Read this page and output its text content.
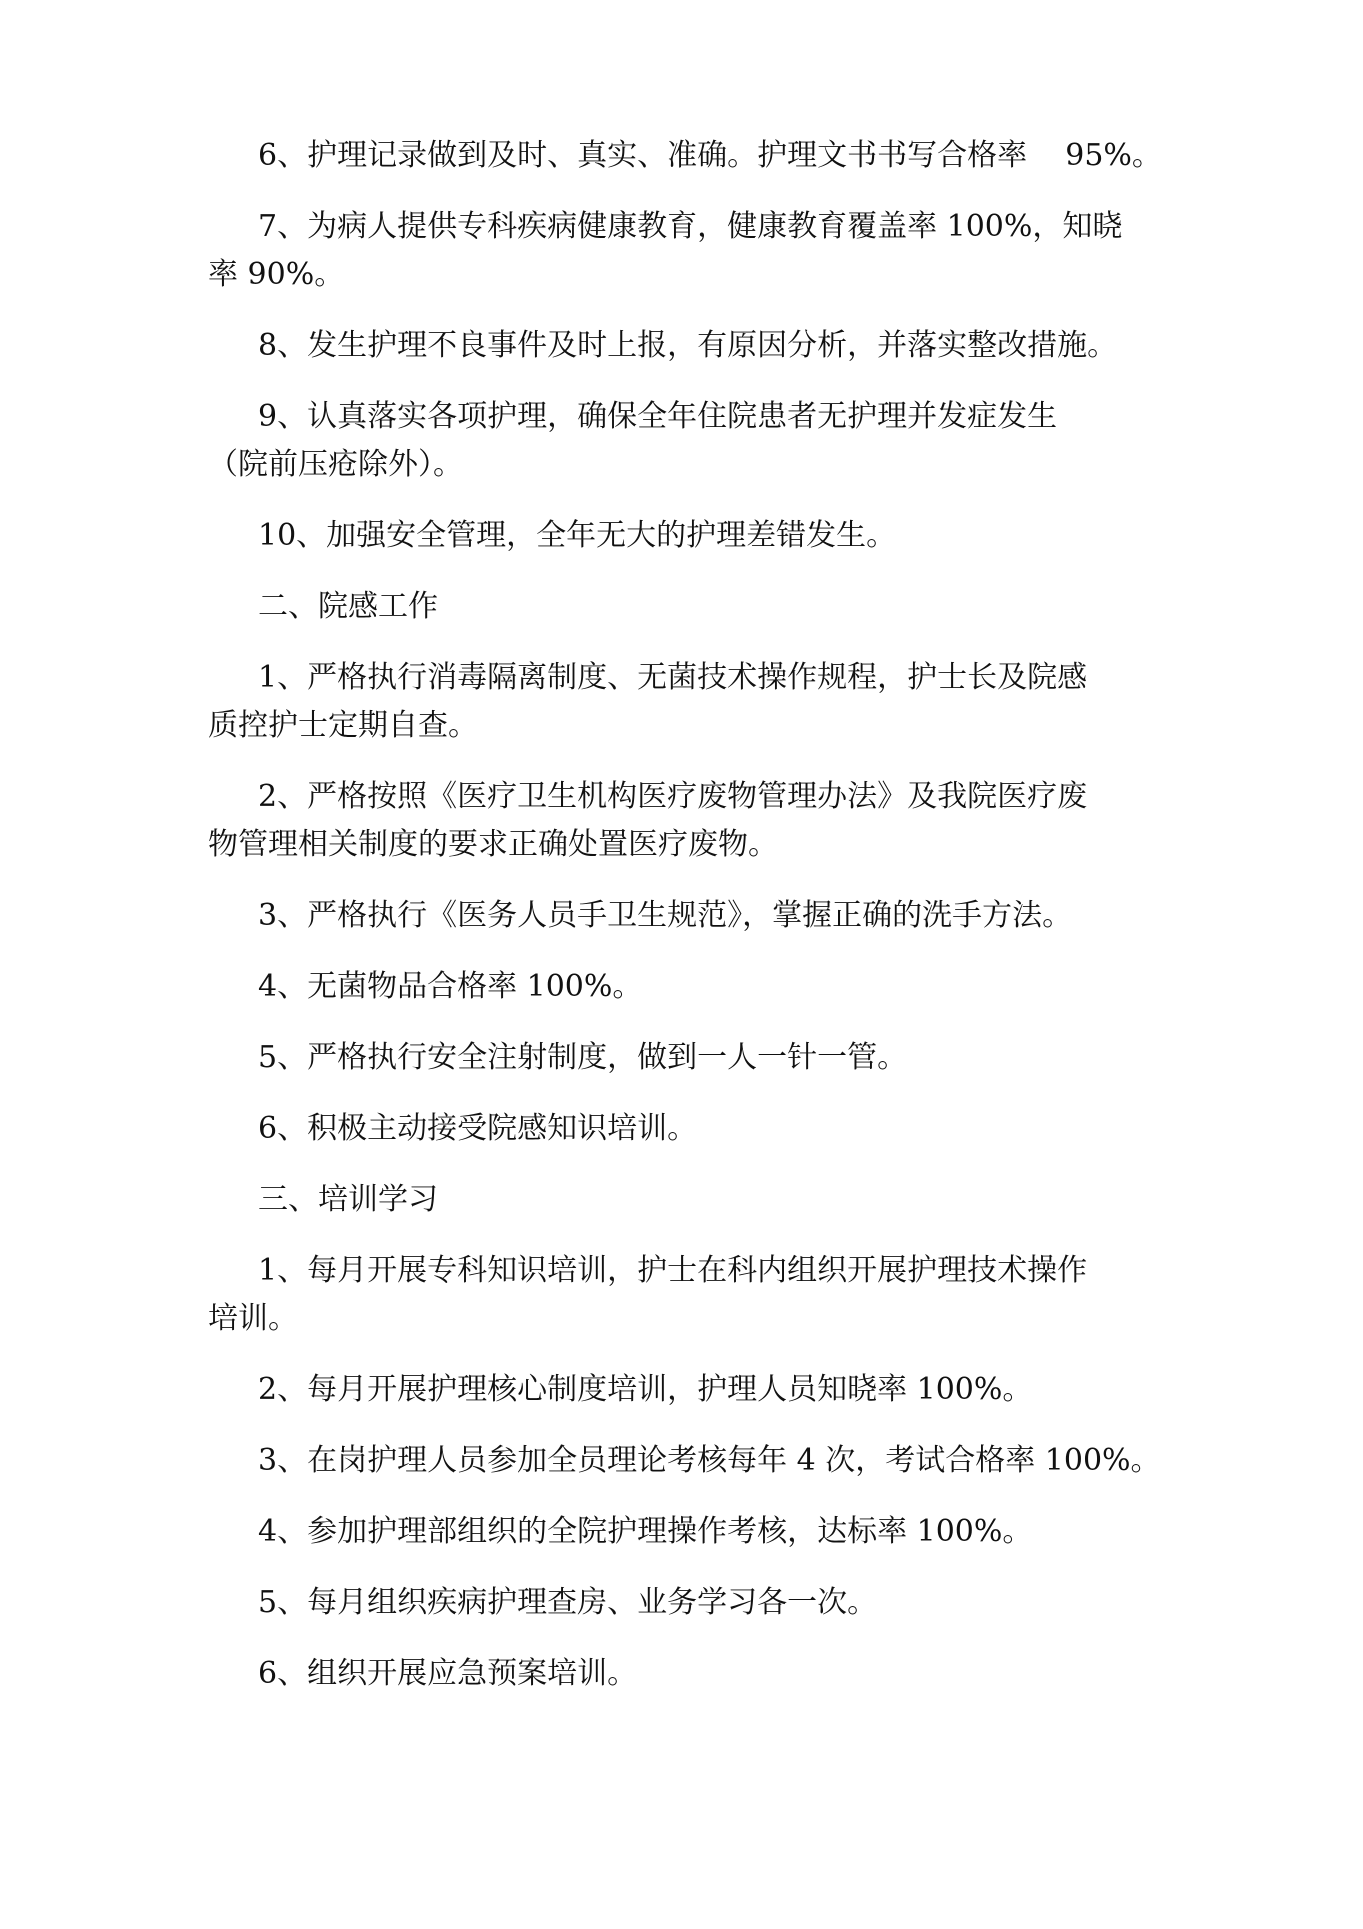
6、护理记录做到及时、真实、准确。护理文书书写合格率    95%。

7、为病人提供专科疾病健康教育，健康教育覆盖率 100%，知晓
率 90%。

8、发生护理不良事件及时上报，有原因分析，并落实整改措施。

9、认真落实各项护理，确保全年住院患者无护理并发症发生
（院前压疮除外）。

10、加强安全管理，全年无大的护理差错发生。

二、院感工作

1、严格执行消毒隔离制度、无菌技术操作规程，护士长及院感
质控护士定期自查。

2、严格按照《医疗卫生机构医疗废物管理办法》及我院医疗废
物管理相关制度的要求正确处置医疗废物。

3、严格执行《医务人员手卫生规范》，掌握正确的洗手方法。

4、无菌物品合格率 100%。

5、严格执行安全注射制度，做到一人一针一管。

6、积极主动接受院感知识培训。

三、培训学习

1、每月开展专科知识培训，护士在科内组织开展护理技术操作
培训。

2、每月开展护理核心制度培训，护理人员知晓率 100%。

3、在岗护理人员参加全员理论考核每年 4 次，考试合格率 100%。

4、参加护理部组织的全院护理操作考核，达标率 100%。

5、每月组织疾病护理查房、业务学习各一次。

6、组织开展应急预案培训。
